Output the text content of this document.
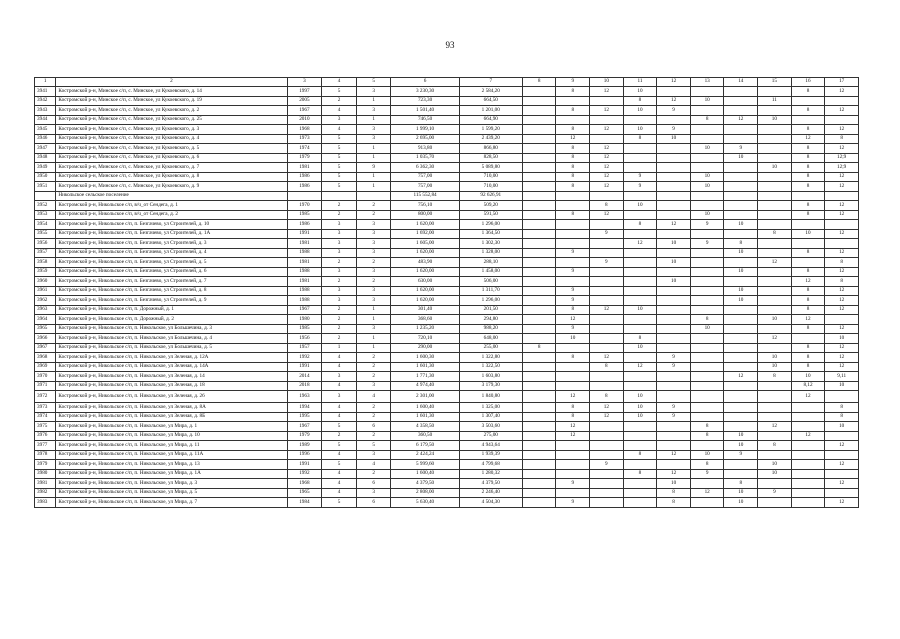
93
1	2	3	4	5	6	7	8	9	10	11	12	13	14	15	16	17
3941	Костромской р-н, Минское с/п, с. Минское, ул Кукоевского, д. 14	1997	5	3	3 230,30	2 584,20		8	12	10					8	12
3942	Костромской р-н, Минское с/п, с. Минское, ул Кукоевского, д. 19	2005	2	1	723,30	664,50				8	12	10		11		
3943	Костромской р-н, Минское с/п, с. Минское, ул Кукоевского, д. 2	1967	4	3	1 501,40	1 201,00		8	12	10	9				8	12
3944	Костромской р-н, Минское с/п, с. Минское, ул Кукоевского, д. 25	2010	3	1	746,50	664,90						8	12	10		
3945	Костромской р-н, Минское с/п, с. Минское, ул Кукоевского, д. 3	1968	4	3	1 999,10	1 599,20		8	12	10	9				8	12
3946	Костромской р-н, Минское с/п, с. Минское, ул Кукоевского, д. 4	1973	5	3	2 695,00	2 439,20		12		8	10				12	8
3947	Костромской р-н, Минское с/п, с. Минское, ул Кукоевского, д. 5	1974	5	1	913,80	866,80		8	12			10	9		8	12
3948	Костромской р-н, Минское с/п, с. Минское, ул Кукоевского, д. 6	1979	5	1	1 035,70	828,50		8	12				10		8	12;9
3949	Костромской р-н, Минское с/п, с. Минское, ул Кукоевского, д. 7	1981	5	9	6 362,30	5 089,80		8	12					10	8	12;9
3950	Костромской р-н, Минское с/п, с. Минское, ул Кукоевского, д. 8	1986	5	1	757,00	710,00		8	12	9		10			8	12
3951	Костромской р-н, Минское с/п, с. Минское, ул Кукоевского, д. 9	1986	5	1	757,00	710,00		8	12	9		10			8	12
	Никольское сельское поселение				115 552,84	92 626,91										
3952	Костромской р-н, Никольское с/п, в/ч_от Сендега, д. 1	1970	2	2	756,10	509,20			8	10					8	12
3953	Костромской р-н, Никольское с/п, в/ч_от Сендега, д. 2	1985	2	2	800,00	591,50		8	12			10			8	12
3954	Костромской р-н, Никольское с/п, п. Безгачево, ул Строителей, д. 10	1986	3	3	1 620,00	1 296,00				8	12	9	10			
3955	Костромской р-н, Никольское с/п, п. Безгачево, ул Строителей, д. 1А	1991	3	3	1 692,00	1 364,50			9					8	10	12
3956	Костромской р-н, Никольское с/п, п. Безгачево, ул Строителей, д. 3	1981	3	3	1 605,00	1 302,30				12	10	9	8			
3957	Костромской р-н, Никольское с/п, п. Безгачево, ул Строителей, д. 4	1988	3	3	1 620,00	1 328,00		9					10		8	12
3958	Костромской р-н, Никольское с/п, п. Безгачево, ул Строителей, д. 5	1981	2	2	483,90	288,10			9		10			12		8
3959	Костромской р-н, Никольское с/п, п. Безгачево, ул Строителей, д. 6	1988	3	3	1 620,00	1 458,00		9					10		8	12
3960	Костромской р-н, Никольское с/п, п. Безгачево, ул Строителей, д. 7	1981	2	2	630,00	506,00					10				12	8
3961	Костромской р-н, Никольское с/п, п. Безгачево, ул Строителей, д. 8	1988	3	3	1 620,00	1 311,70		9					10		8	12
3962	Костромской р-н, Никольское с/п, п. Безгачево, ул Строителей, д. 9	1988	3	3	1 620,00	1 296,00		9					10		8	12
3963	Костромской р-н, Никольское с/п, п. Дорожный, д. 1	1967	2	1	301,40	201,50		8	12	10					8	12
3964	Костромской р-н, Никольское с/п, п. Дорожный, д. 2	1980	2	1	368,60	294,80		12				8		10	12	
3965	Костромской р-н, Никольское с/п, п. Никольское, ул Большечина, д. 3	1985	2	3	1 235,20	988,20		9				10			8	12
3966	Костромской р-н, Никольское с/п, п. Никольское, ул Большечина, д. 4	1956	2	1	720,10	648,00		10		8				12		10
3967	Костромской р-н, Никольское с/п, п. Никольское, ул Большечина, д. 5	1957	1	1	290,00	255,00	8			10					8	12
3968	Костромской р-н, Никольское с/п, п. Никольское, ул Зеленая, д. 12А	1992	4	2	1 600,30	1 322,80		8	12		9			10	8	12
3969	Костромской р-н, Никольское с/п, п. Никольское, ул Зеленая, д. 14А	1991	4	2	1 601,30	1 322,50			8	12	9			10	8	12
3970	Костромской р-н, Никольское с/п, п. Никольское, ул Зеленая, д. 14	2014	3	2	1 771,30	1 603,80							12	8	10	9,11
3971	Костромской р-н, Никольское с/п, п. Никольское, ул Зеленая, д. 18	2018	4	3	4 974,40	3 179,30									8,12	10
3972	Костромской р-н, Никольское с/п, п. Никольское, ул Зеленая, д. 26	1963	3	4	2 301,00	1 840,80		12	8	10					12	
3973	Костромской р-н, Никольское с/п, п. Никольское, ул Зеленая, д. 8А	1994	4	2	1 600,40	1 325,00		8	12	10	9					8
3974	Костромской р-н, Никольское с/п, п. Никольское, ул Зеленая, д. 8Б	1995	4	2	1 601,30	1 307,40		8	12	10	9					8
3975	Костромской р-н, Никольское с/п, п. Никольское, ул Мира, д. 1	1967	5	6	4 358,50	3 503,60		12				8		12		10
3976	Костромской р-н, Никольское с/п, п. Никольское, ул Мира, д. 10	1979	2	2	360,50	275,00		12				8	10		12	
3977	Костромской р-н, Никольское с/п, п. Никольское, ул Мира, д. 11	1989	5	5	6 179,50	4 943,64							10	8		12
3978	Костромской р-н, Никольское с/п, п. Никольское, ул Мира, д. 11А	1996	4	3	2 424,24	1 939,39				8	12	10	9			
3979	Костромской р-н, Никольское с/п, п. Никольское, ул Мира, д. 13	1991	5	4	5 999,60	4 799,68			9			8		10		12
3980	Костромской р-н, Никольское с/п, п. Никольское, ул Мира, д. 1А	1992	4	2	1 600,40	1 280,32				8	12	9		10		
3981	Костромской р-н, Никольское с/п, п. Никольское, ул Мира, д. 3	1968	4	6	4 379,50	4 379,50		9			10		8			12
3982	Костромской р-н, Никольское с/п, п. Никольское, ул Мира, д. 5	1965	4	3	2 808,00	2 246,40					8	12	10	9		
3983	Костромской р-н, Никольское с/п, п. Никольское, ул Мира, д. 7	1984	5	6	5 630,40	4 504,30		9			8		10			12
